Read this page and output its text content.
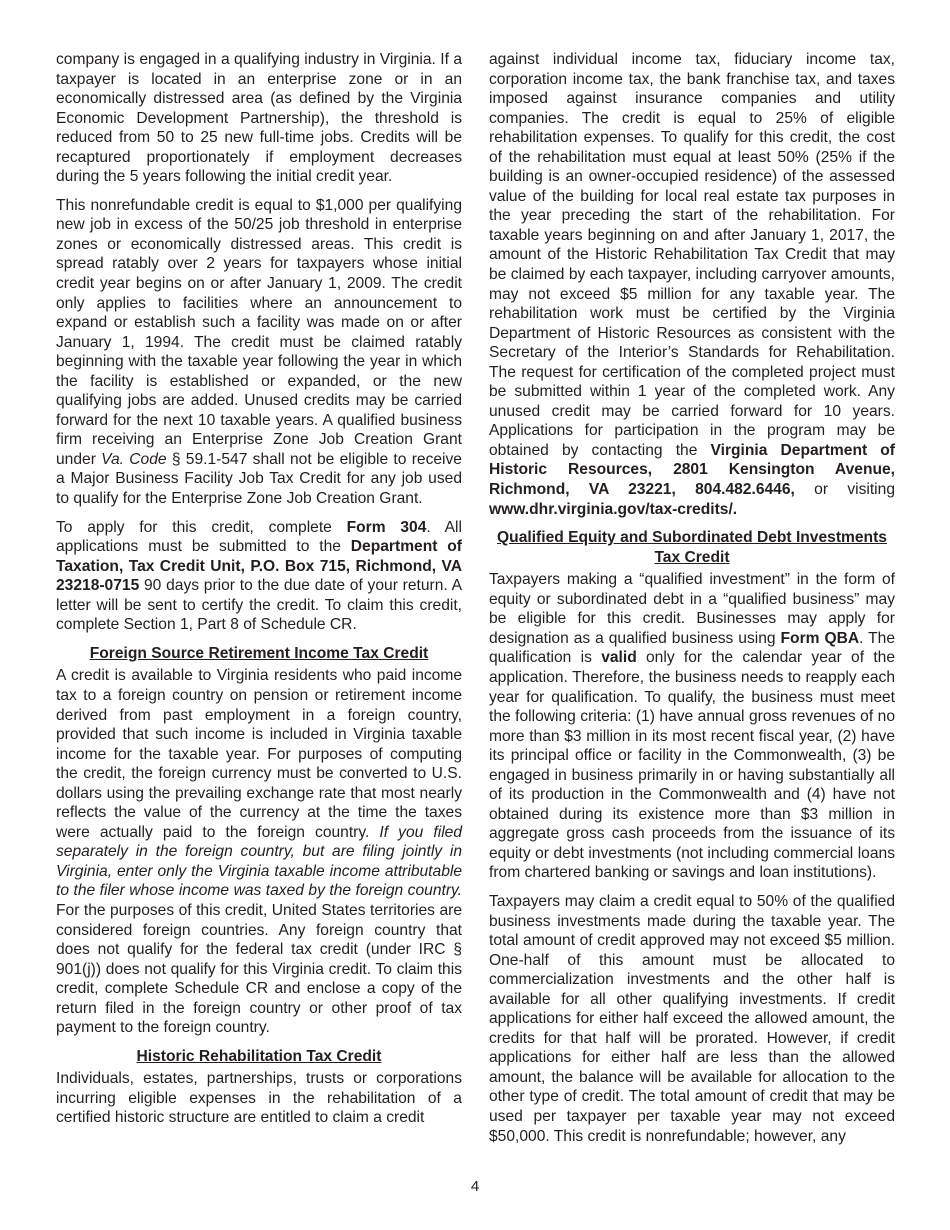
company is engaged in a qualifying industry in Virginia. If a taxpayer is located in an enterprise zone or in an economically distressed area (as defined by the Virginia Economic Development Partnership), the threshold is reduced from 50 to 25 new full-time jobs. Credits will be recaptured proportionately if employment decreases during the 5 years following the initial credit year.

This nonrefundable credit is equal to $1,000 per qualifying new job in excess of the 50/25 job threshold in enterprise zones or economically distressed areas. This credit is spread ratably over 2 years for taxpayers whose initial credit year begins on or after January 1, 2009. The credit only applies to facilities where an announcement to expand or establish such a facility was made on or after January 1, 1994. The credit must be claimed ratably beginning with the taxable year following the year in which the facility is established or expanded, or the new qualifying jobs are added. Unused credits may be carried forward for the next 10 taxable years. A qualified business firm receiving an Enterprise Zone Job Creation Grant under Va. Code § 59.1-547 shall not be eligible to receive a Major Business Facility Job Tax Credit for any job used to qualify for the Enterprise Zone Job Creation Grant.

To apply for this credit, complete Form 304. All applications must be submitted to the Department of Taxation, Tax Credit Unit, P.O. Box 715, Richmond, VA 23218-0715 90 days prior to the due date of your return. A letter will be sent to certify the credit. To claim this credit, complete Section 1, Part 8 of Schedule CR.

Foreign Source Retirement Income Tax Credit

A credit is available to Virginia residents who paid income tax to a foreign country on pension or retirement income derived from past employment in a foreign country, provided that such income is included in Virginia taxable income for the taxable year. For purposes of computing the credit, the foreign currency must be converted to U.S. dollars using the prevailing exchange rate that most nearly reflects the value of the currency at the time the taxes were actually paid to the foreign country. If you filed separately in the foreign country, but are filing jointly in Virginia, enter only the Virginia taxable income attributable to the filer whose income was taxed by the foreign country. For the purposes of this credit, United States territories are considered foreign countries. Any foreign country that does not qualify for the federal tax credit (under IRC § 901(j)) does not qualify for this Virginia credit. To claim this credit, complete Schedule CR and enclose a copy of the return filed in the foreign country or other proof of tax payment to the foreign country.

Historic Rehabilitation Tax Credit

Individuals, estates, partnerships, trusts or corporations incurring eligible expenses in the rehabilitation of a certified historic structure are entitled to claim a credit

against individual income tax, fiduciary income tax, corporation income tax, the bank franchise tax, and taxes imposed against insurance companies and utility companies. The credit is equal to 25% of eligible rehabilitation expenses. To qualify for this credit, the cost of the rehabilitation must equal at least 50% (25% if the building is an owner-occupied residence) of the assessed value of the building for local real estate tax purposes in the year preceding the start of the rehabilitation. For taxable years beginning on and after January 1, 2017, the amount of the Historic Rehabilitation Tax Credit that may be claimed by each taxpayer, including carryover amounts, may not exceed $5 million for any taxable year. The rehabilitation work must be certified by the Virginia Department of Historic Resources as consistent with the Secretary of the Interior’s Standards for Rehabilitation. The request for certification of the completed project must be submitted within 1 year of the completed work. Any unused credit may be carried forward for 10 years. Applications for participation in the program may be obtained by contacting the Virginia Department of Historic Resources, 2801 Kensington Avenue, Richmond, VA 23221, 804.482.6446, or visiting www.dhr.virginia.gov/tax-credits/.

Qualified Equity and Subordinated Debt Investments Tax Credit

Taxpayers making a “qualified investment” in the form of equity or subordinated debt in a “qualified business” may be eligible for this credit. Businesses may apply for designation as a qualified business using Form QBA. The qualification is valid only for the calendar year of the application. Therefore, the business needs to reapply each year for qualification. To qualify, the business must meet the following criteria: (1) have annual gross revenues of no more than $3 million in its most recent fiscal year, (2) have its principal office or facility in the Commonwealth, (3) be engaged in business primarily in or having substantially all of its production in the Commonwealth and (4) have not obtained during its existence more than $3 million in aggregate gross cash proceeds from the issuance of its equity or debt investments (not including commercial loans from chartered banking or savings and loan institutions).

Taxpayers may claim a credit equal to 50% of the qualified business investments made during the taxable year. The total amount of credit approved may not exceed $5 million. One-half of this amount must be allocated to commercialization investments and the other half is available for all other qualifying investments. If credit applications for either half exceed the allowed amount, the credits for that half will be prorated. However, if credit applications for either half are less than the allowed amount, the balance will be available for allocation to the other type of credit. The total amount of credit that may be used per taxpayer per taxable year may not exceed $50,000. This credit is nonrefundable; however, any

4
